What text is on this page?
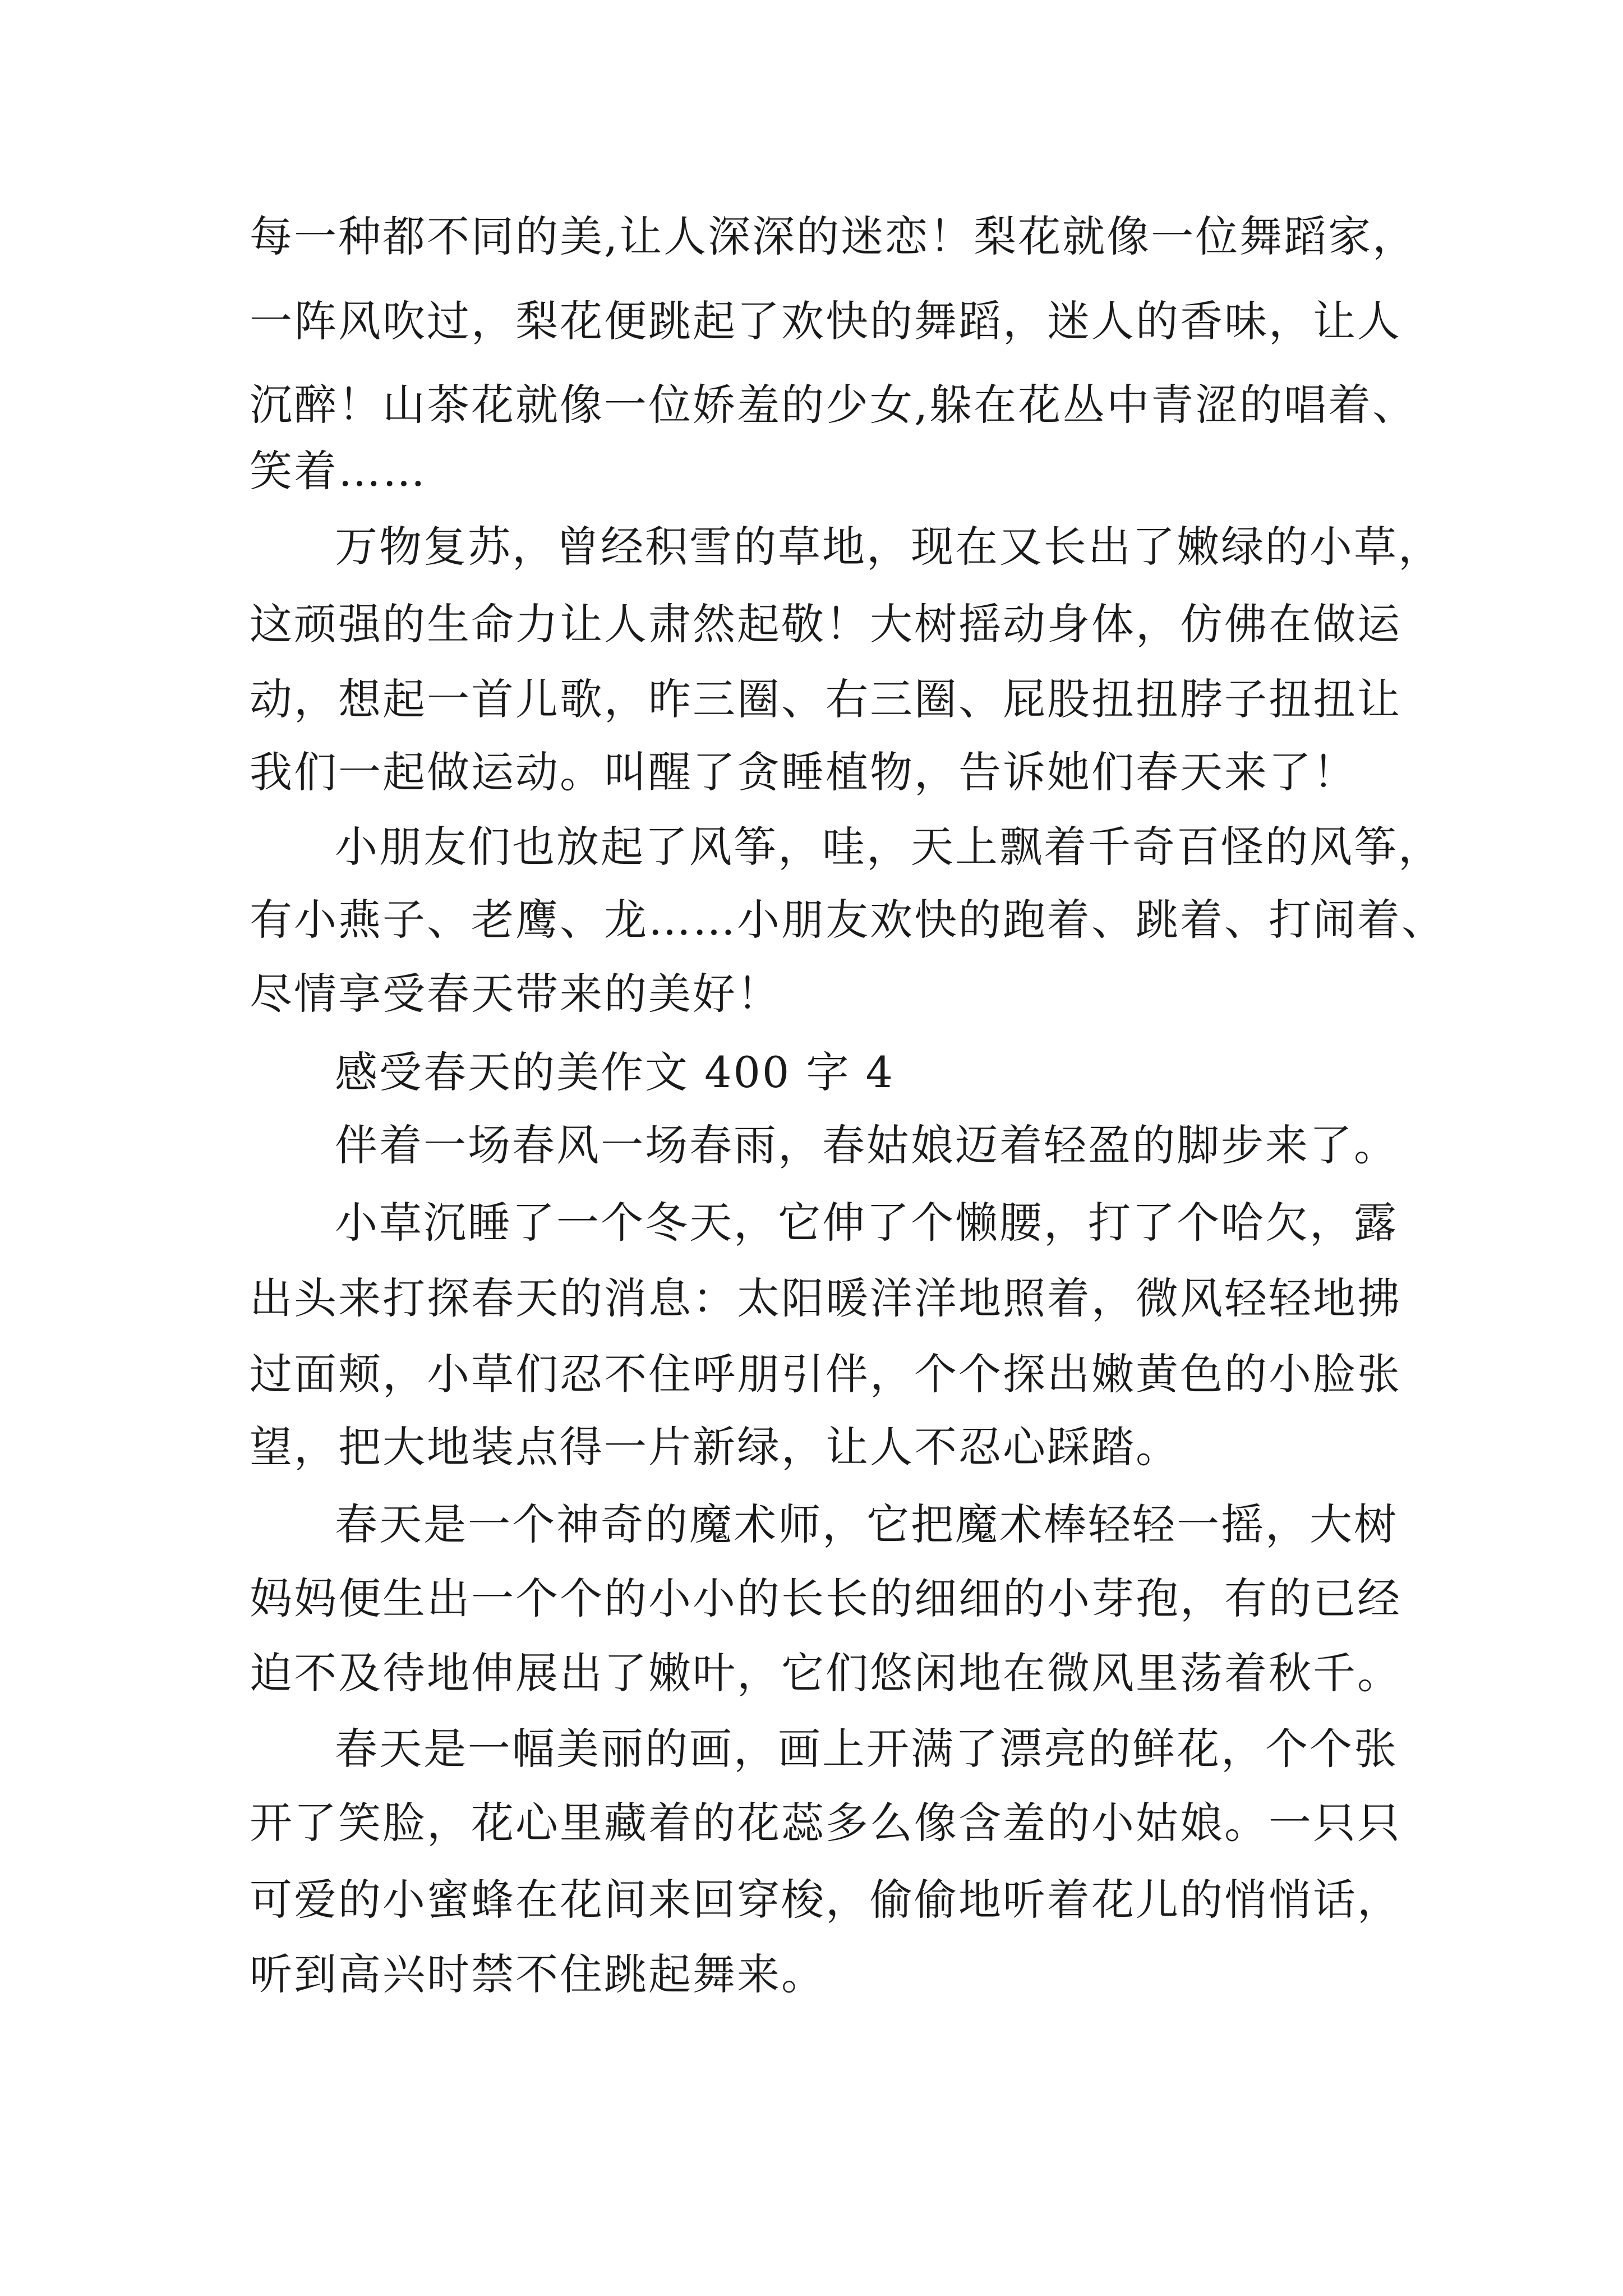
每一种都不同的美,让人深深的迷恋！梨花就像一位舞蹈家，
一阵风吹过，梨花便跳起了欢快的舞蹈，迷人的香味，让人
沉醉！山茶花就像一位娇羞的少女,躲在花丛中青涩的唱着、
笑着……
万物复苏，曾经积雪的草地，现在又长出了嫩绿的小草，
这顽强的生命力让人肃然起敬！大树摇动身体，仿佛在做运
动，想起一首儿歌，昨三圈、右三圈、屁股扭扭脖子扭扭让
我们一起做运动。叫醒了贪睡植物，告诉她们春天来了！
小朋友们也放起了风筝，哇，天上飘着千奇百怪的风筝，
有小燕子、老鹰、龙……小朋友欢快的跑着、跳着、打闹着、
尽情享受春天带来的美好！
感受春天的美作文 400 字 4
伴着一场春风一场春雨，春姑娘迈着轻盈的脚步来了。
小草沉睡了一个冬天，它伸了个懒腰，打了个哈欠，露
出头来打探春天的消息：太阳暖洋洋地照着，微风轻轻地拂
过面颊，小草们忍不住呼朋引伴，个个探出嫩黄色的小脸张
望，把大地装点得一片新绿，让人不忍心踩踏。
春天是一个神奇的魔术师，它把魔术棒轻轻一摇，大树
妈妈便生出一个个的小小的长长的细细的小芽孢，有的已经
迫不及待地伸展出了嫩叶，它们悠闲地在微风里荡着秋千。
春天是一幅美丽的画，画上开满了漂亮的鲜花，个个张
开了笑脸，花心里藏着的花蕊多么像含羞的小姑娘。一只只
可爱的小蜜蜂在花间来回穿梭，偷偷地听着花儿的悄悄话，
听到高兴时禁不住跳起舞来。
